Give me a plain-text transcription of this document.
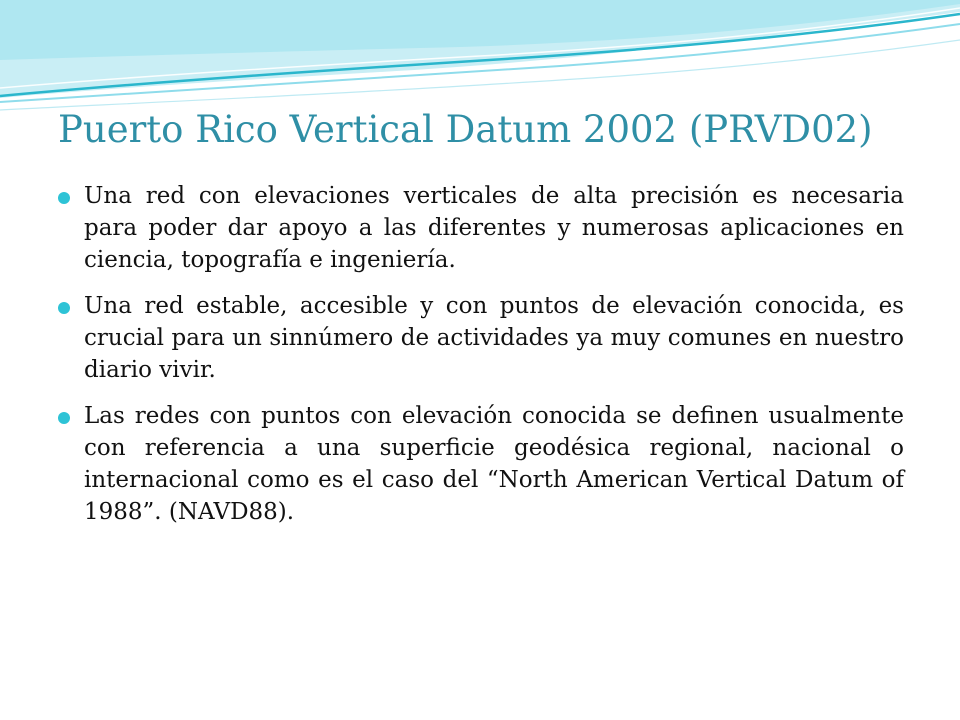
Puerto Rico Vertical Datum 2002 (PRVD02)
Una red con elevaciones verticales de alta precisión es necesaria para poder dar apoyo a las diferentes y numerosas aplicaciones en ciencia, topografía e ingeniería.
Una red estable, accesible y con puntos de elevación conocida, es crucial para un sinnúmero de actividades ya muy comunes en nuestro diario vivir.
Las redes con puntos con elevación conocida se definen usualmente con referencia a una superficie geodésica regional, nacional o internacional como es el caso del “North American Vertical Datum of 1988”. (NAVD88).
